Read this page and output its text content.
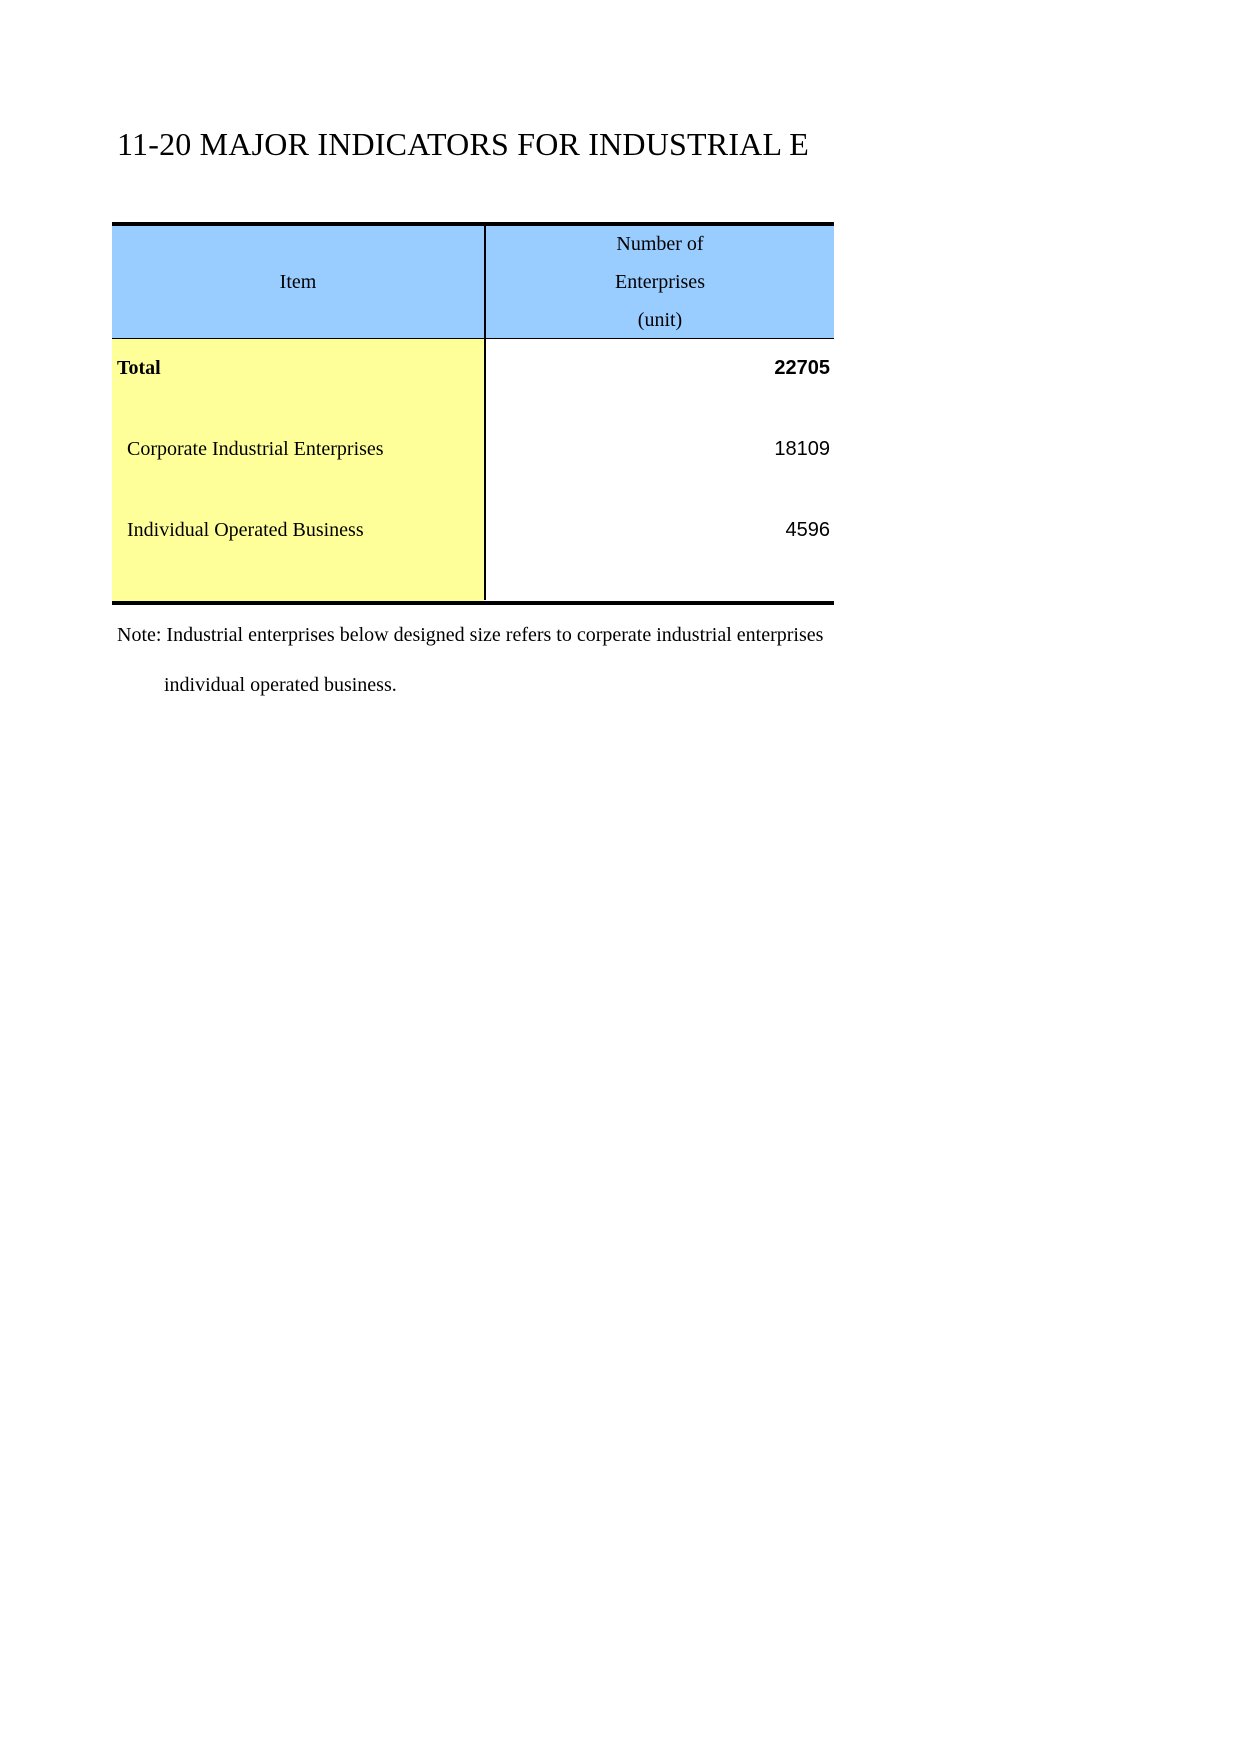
11-20 MAJOR INDICATORS FOR INDUSTRIAL E
Item
Number of
Enterprises
(unit)
Total	22705
Corporate Industrial Enterprises	18109
Individual Operated Business	4596
Note: Industrial enterprises below designed size refers to corperate industrial enterprises
individual operated business.
